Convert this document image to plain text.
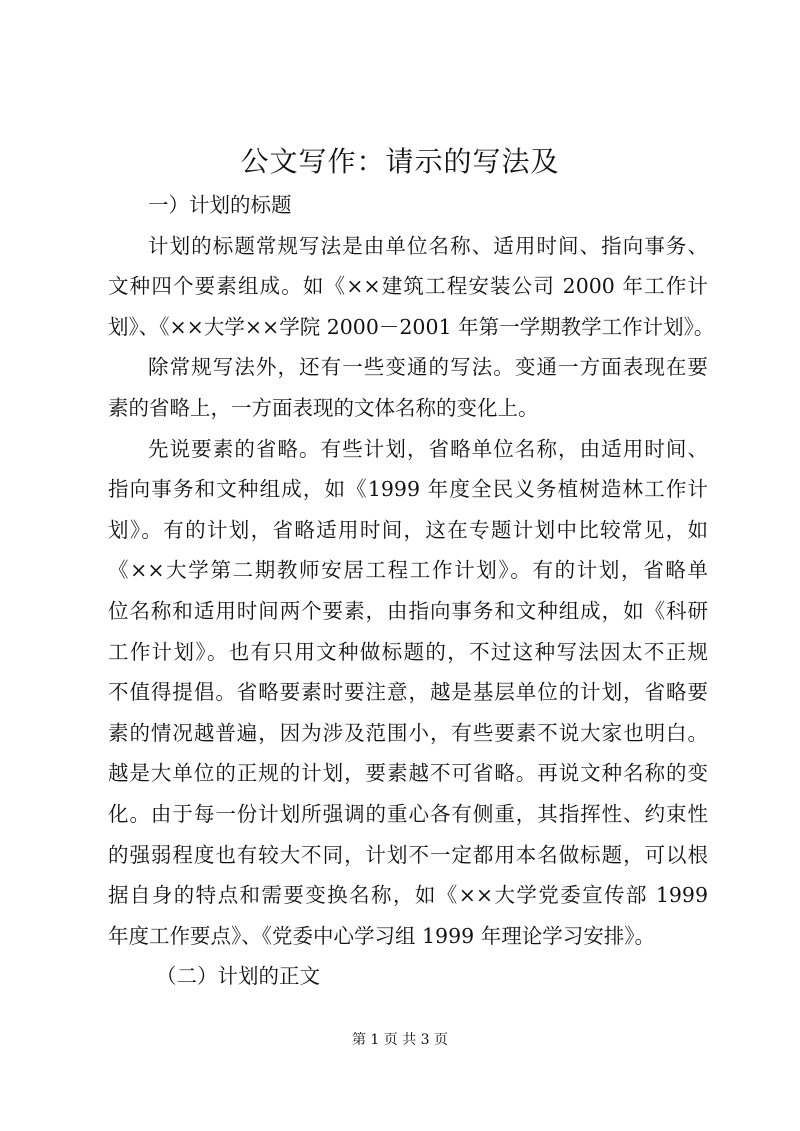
公文写作：请示的写法及
一）计划的标题
计划的标题常规写法是由单位名称、适用时间、指向事务、
文种四个要素组成。如《××建筑工程安装公司 2000 年工作计
划》、《××大学××学院 2000－2001 年第一学期教学工作计划》。
除常规写法外，还有一些变通的写法。变通一方面表现在要
素的省略上，一方面表现的文体名称的变化上。
先说要素的省略。有些计划，省略单位名称，由适用时间、
指向事务和文种组成，如《1999 年度全民义务植树造林工作计
划》。有的计划，省略适用时间，这在专题计划中比较常见，如
《××大学第二期教师安居工程工作计划》。有的计划，省略单
位名称和适用时间两个要素，由指向事务和文种组成，如《科研
工作计划》。也有只用文种做标题的，不过这种写法因太不正规
不值得提倡。省略要素时要注意，越是基层单位的计划，省略要
素的情况越普遍，因为涉及范围小，有些要素不说大家也明白。
越是大单位的正规的计划，要素越不可省略。再说文种名称的变
化。由于每一份计划所强调的重心各有侧重，其指挥性、约束性
的强弱程度也有较大不同，计划不一定都用本名做标题，可以根
据自身的特点和需要变换名称，如《××大学党委宣传部 1999
年度工作要点》、《党委中心学习组 1999 年理论学习安排》。
（二）计划的正文
第 1 页 共 3 页
